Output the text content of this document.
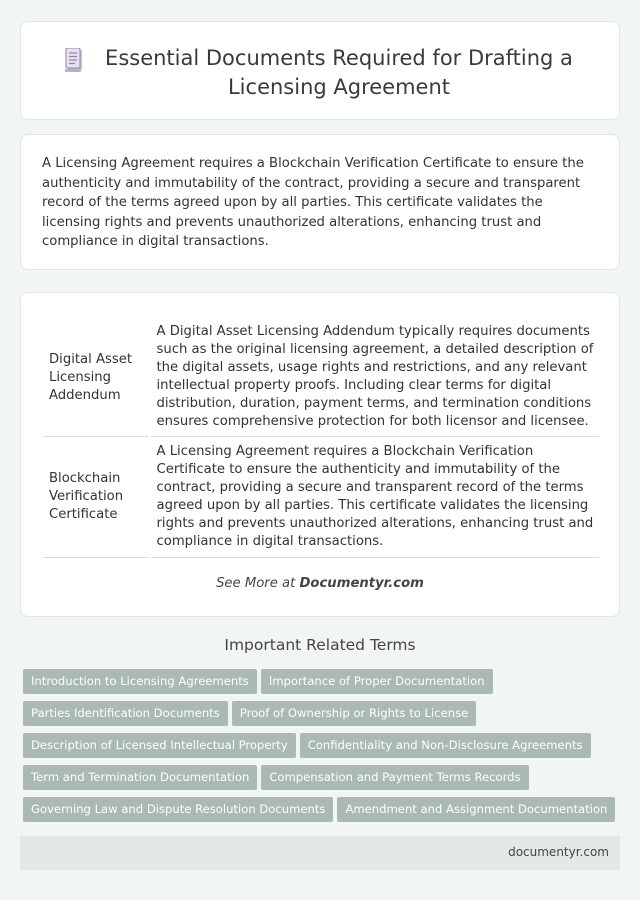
Essential Documents Required for Drafting a Licensing Agreement

A Licensing Agreement requires a Blockchain Verification Certificate to ensure the authenticity and immutability of the contract, providing a secure and transparent record of the terms agreed upon by all parties. This certificate validates the licensing rights and prevents unauthorized alterations, enhancing trust and compliance in digital transactions.

Digital Asset Licensing Addendum	A Digital Asset Licensing Addendum typically requires documents such as the original licensing agreement, a detailed description of the digital assets, usage rights and restrictions, and any relevant intellectual property proofs. Including clear terms for digital distribution, duration, payment terms, and termination conditions ensures comprehensive protection for both licensor and licensee.
Blockchain Verification Certificate	A Licensing Agreement requires a Blockchain Verification Certificate to ensure the authenticity and immutability of the contract, providing a secure and transparent record of the terms agreed upon by all parties. This certificate validates the licensing rights and prevents unauthorized alterations, enhancing trust and compliance in digital transactions.
See More at Documentyr.com
Important Related Terms
Introduction to Licensing Agreements Importance of Proper Documentation
Parties Identification Documents Proof of Ownership or Rights to License
Description of Licensed Intellectual Property Confidentiality and Non-Disclosure Agreements
Term and Termination Documentation Compensation and Payment Terms Records
Governing Law and Dispute Resolution Documents Amendment and Assignment Documentation
documentyr.com
